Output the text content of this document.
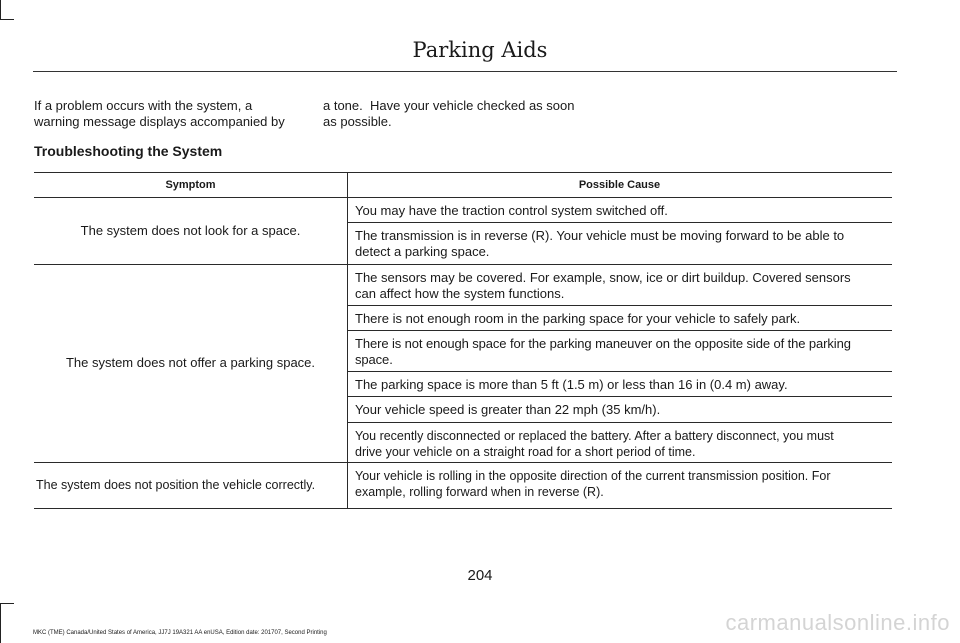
Parking Aids
If a problem occurs with the system, a
warning message displays accompanied by
a tone.  Have your vehicle checked as soon
as possible.
Troubleshooting the System
Symptom	Possible Cause
The system does not look for a space.
The system does not offer a parking space.
The system does not position the vehicle correctly.
You may have the traction control system switched off.
The transmission is in reverse (R). Your vehicle must be moving forward to be able to
detect a parking space.
The sensors may be covered. For example, snow, ice or dirt buildup. Covered sensors
can affect how the system functions.
There is not enough room in the parking space for your vehicle to safely park.
There is not enough space for the parking maneuver on the opposite side of the parking
space.
The parking space is more than 5 ft (1.5 m) or less than 16 in (0.4 m) away.
Your vehicle speed is greater than 22 mph (35 km/h).
You recently disconnected or replaced the battery. After a battery disconnect, you must
drive your vehicle on a straight road for a short period of time.
Your vehicle is rolling in the opposite direction of the current transmission position. For
example, rolling forward when in reverse (R).
204
MKC (TME) Canada/United States of America, JJ7J 19A321 AA enUSA, Edition date: 201707, Second Printing	carmanualsonline.info
